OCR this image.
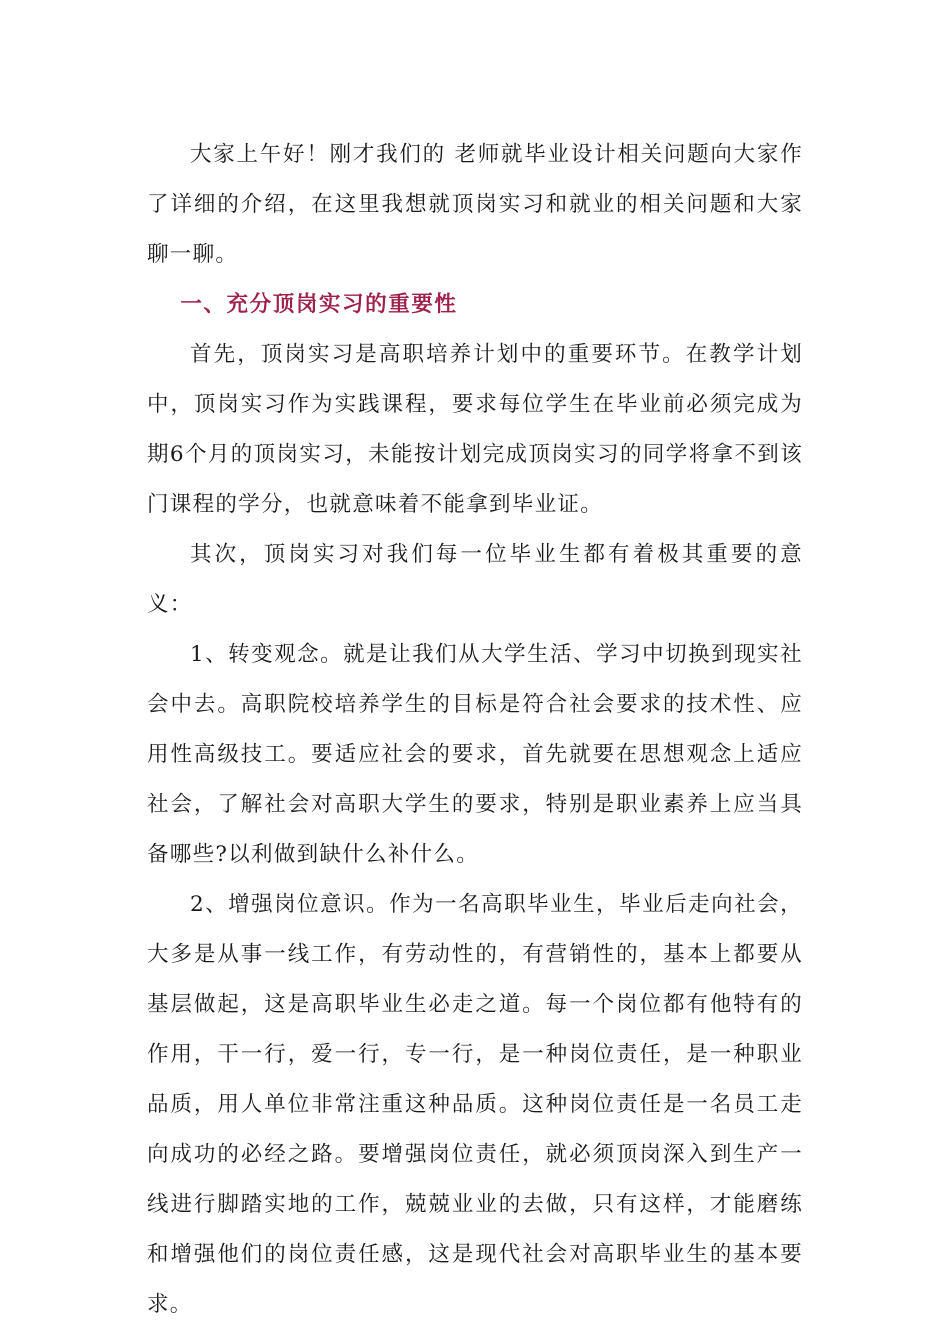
大家上午好！刚才我们的 老师就毕业设计相关问题向大家作了详细的介绍，在这里我想就顶岗实习和就业的相关问题和大家聊一聊。

一、充分顶岗实习的重要性

首先，顶岗实习是高职培养计划中的重要环节。在教学计划中，顶岗实习作为实践课程，要求每位学生在毕业前必须完成为期6个月的顶岗实习，未能按计划完成顶岗实习的同学将拿不到该门课程的学分，也就意味着不能拿到毕业证。

其次，顶岗实习对我们每一位毕业生都有着极其重要的意义：

1、转变观念。就是让我们从大学生活、学习中切换到现实社会中去。高职院校培养学生的目标是符合社会要求的技术性、应用性高级技工。要适应社会的要求，首先就要在思想观念上适应社会，了解社会对高职大学生的要求，特别是职业素养上应当具备哪些?以利做到缺什么补什么。

2、增强岗位意识。作为一名高职毕业生，毕业后走向社会，大多是从事一线工作，有劳动性的，有营销性的，基本上都要从基层做起，这是高职毕业生必走之道。每一个岗位都有他特有的作用，干一行，爱一行，专一行，是一种岗位责任，是一种职业品质，用人单位非常注重这种品质。这种岗位责任是一名员工走向成功的必经之路。要增强岗位责任，就必须顶岗深入到生产一线进行脚踏实地的工作，兢兢业业的去做，只有这样，才能磨练和增强他们的岗位责任感，这是现代社会对高职毕业生的基本要求。
